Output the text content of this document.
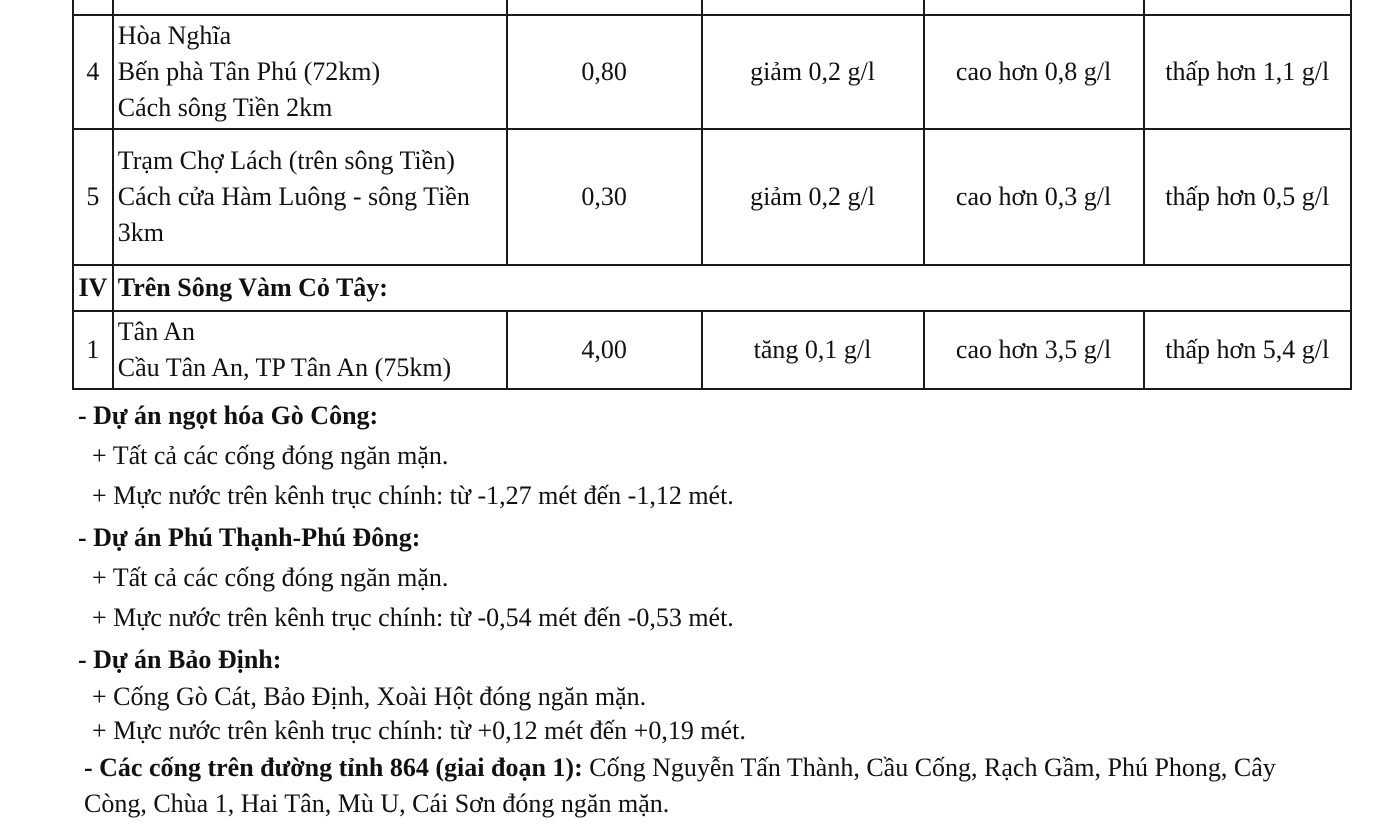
4	Hòa Nghĩa
Bến phà Tân Phú (72km)
Cách sông Tiền 2km	0,80	giảm 0,2 g/l	cao hơn 0,8 g/l	thấp hơn 1,1 g/l
5	Trạm Chợ Lách (trên sông Tiền)
Cách cửa Hàm Luông - sông Tiền 3km	0,30	giảm 0,2 g/l	cao hơn 0,3 g/l	thấp hơn 0,5 g/l
IV	Trên Sông Vàm Cỏ Tây:				
1	Tân An
Cầu Tân An, TP Tân An (75km)	4,00	tăng 0,1 g/l	cao hơn 3,5 g/l	thấp hơn 5,4 g/l
- Dự án ngọt hóa Gò Công:
+ Tất cả các cống đóng ngăn mặn.
+ Mực nước trên kênh trục chính: từ -1,27 mét đến -1,12 mét.
- Dự án Phú Thạnh-Phú Đông:
+ Tất cả các cống đóng ngăn mặn.
+ Mực nước trên kênh trục chính: từ -0,54 mét đến -0,53 mét.
- Dự án Bảo Định:
+ Cống Gò Cát, Bảo Định, Xoài Hột đóng ngăn mặn.
+ Mực nước trên kênh trục chính: từ +0,12 mét đến +0,19 mét.
- Các cống trên đường tỉnh 864 (giai đoạn 1): Cống Nguyễn Tấn Thành, Cầu Cống, Rạch Gầm, Phú Phong, Cây Còng, Chùa 1, Hai Tân, Mù U, Cái Sơn đóng ngăn mặn.
